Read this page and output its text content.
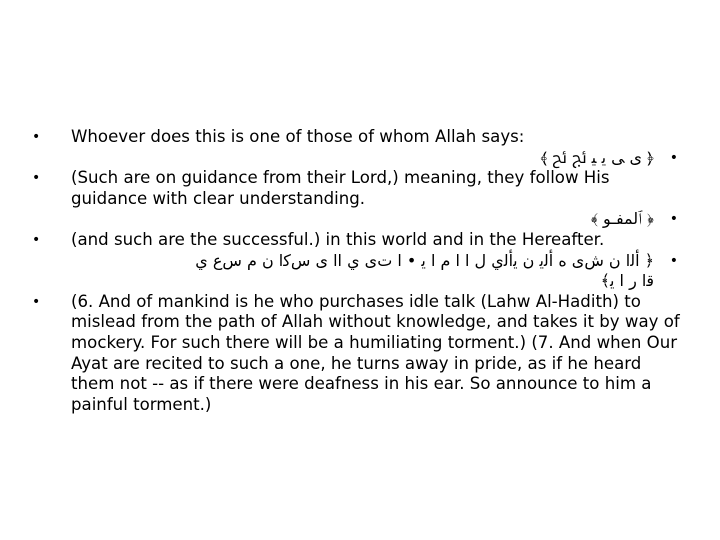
• Whoever does this is one of those of whom Allah says:
•
﴿ ﯼ ﯽ ﯾ ﯿ ﰀ ﰁ ﴾
• (Such are on guidance from their Lord,) meaning, they follow His guidance with clear understanding.
•
﴿ ﭐﻟﻤﻔـﻮ ﴾
• (and such are the successful.) in this world and in the Hereafter.
•
﴿ ﺃﻟﺍ ﻥ ﺵﻯ ﻩ ﺃﻟﻳ ﻥ ﻳﺃﻟﻱ ﻝ ﺍ ﺍ ﻡ ﺍ ﻳ • ﺍ ﺕﻯ ﻱ ﺍﺍ ﻯ ﺱﻛﺍ ﻥ ﻡ ﺱﻉ ﻱ
ﻗﺍ ﺭ ﺍ ﻳ﴾
• (6. And of mankind is he who purchases idle talk (Lahw Al-Hadith) to mislead from the path of Allah without knowledge, and takes it by way of mockery. For such there will be a humiliating torment.) (7. And when Our Ayat are recited to such a one, he turns away in pride, as if he heard them not -- as if there were deafness in his ear. So announce to him a painful torment.)
